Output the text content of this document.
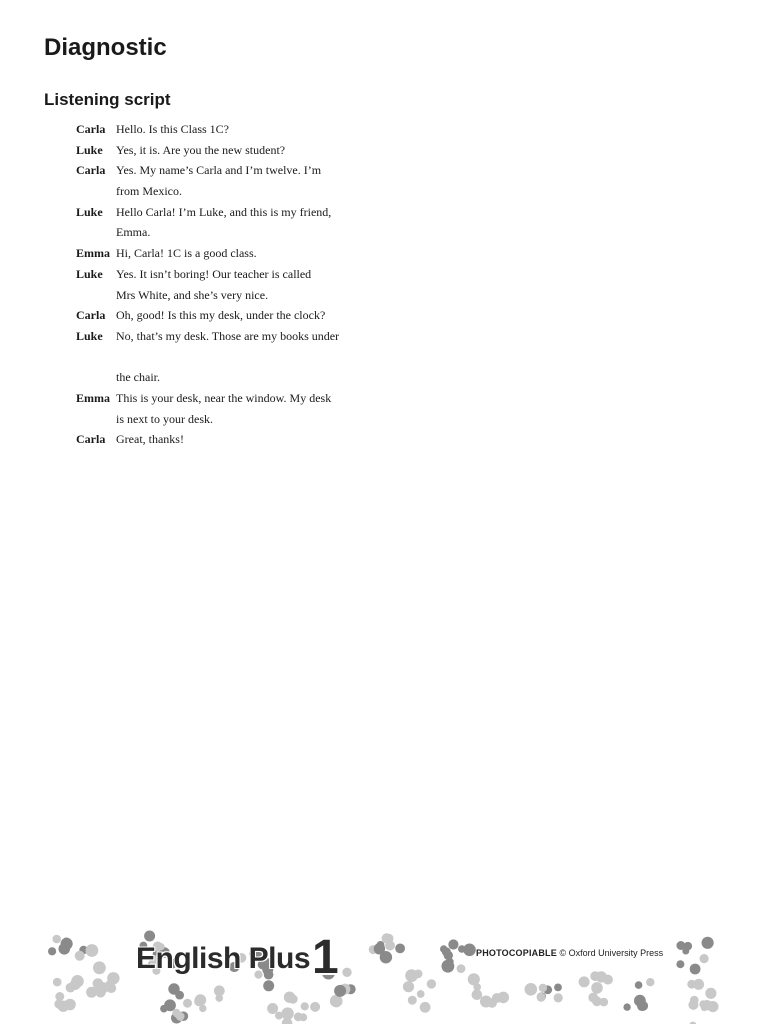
Diagnostic
Listening script
Carla Hello. Is this Class 1C?
Luke Yes, it is. Are you the new student?
Carla Yes. My name’s Carla and I’m twelve. I’m
from Mexico.
Luke Hello Carla! I’m Luke, and this is my friend,
Emma.
Emma Hi, Carla! 1C is a good class.
Luke Yes. It isn’t boring! Our teacher is called
Mrs White, and she’s very nice.
Carla Oh, good! Is this my desk, under the clock?
Luke No, that’s my desk. Those are my books under
the chair.
Emma This is your desk, near the window. My desk
is next to your desk.
Carla Great, thanks!
English Plus 1	PHOTOCOPIABLE © Oxford University Press
